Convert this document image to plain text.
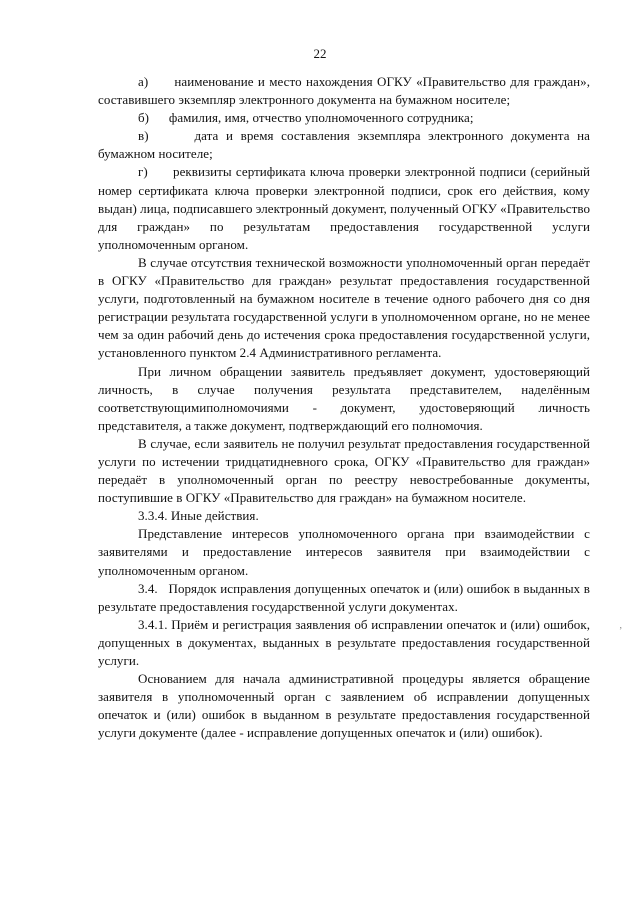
22

а)      наименование и место нахождения ОГКУ «Правительство для граждан», составившего экземпляр электронного документа на бумажном носителе;

б)      фамилия, имя, отчество уполномоченного сотрудника;

в)      дата и время составления экземпляра электронного документа на бумажном носителе;

г)      реквизиты сертификата ключа проверки электронной подписи (серийный номер сертификата ключа проверки электронной подписи, срок его действия, кому выдан) лица, подписавшего электронный документ, полученный ОГКУ «Правительство для граждан» по результатам предоставления государственной услуги уполномоченным органом.

В случае отсутствия технической возможности уполномоченный орган передаёт в ОГКУ «Правительство для граждан» результат предоставления государственной услуги, подготовленный на бумажном носителе в течение одного рабочего дня со дня регистрации результата государственной услуги в уполномоченном органе, но не менее чем за один рабочий день до истечения срока предоставления государственной услуги, установленного пунктом 2.4 Административного регламента.

При личном обращении заявитель предъявляет документ, удостоверяющий личность, в случае получения результата представителем, наделённым соответствующимиполномочиями - документ, удостоверяющий личность представителя, а также документ, подтверждающий его полномочия.

В случае, если заявитель не получил результат предоставления государственной услуги по истечении тридцатидневного срока, ОГКУ «Правительство для граждан» передаёт в уполномоченный орган по реестру невостребованные документы, поступившие в ОГКУ «Правительство для граждан» на бумажном носителе.

3.3.4. Иные действия.

Представление интересов уполномоченного органа при взаимодействии с заявителями и предоставление интересов заявителя при взаимодействии с уполномоченным органом.

3.4.   Порядок исправления допущенных опечаток и (или) ошибок в выданных в результате предоставления государственной услуги документах.

3.4.1. Приём и регистрация заявления об исправлении опечаток и (или) ошибок, допущенных в документах, выданных в результате предоставления государственной услуги.

Основанием для начала административной процедуры является обращение заявителя в уполномоченный орган с заявлением об исправлении допущенных опечаток и (или) ошибок в выданном в результате предоставления государственной услуги документе (далее - исправление допущенных опечаток и (или) ошибок).

,
